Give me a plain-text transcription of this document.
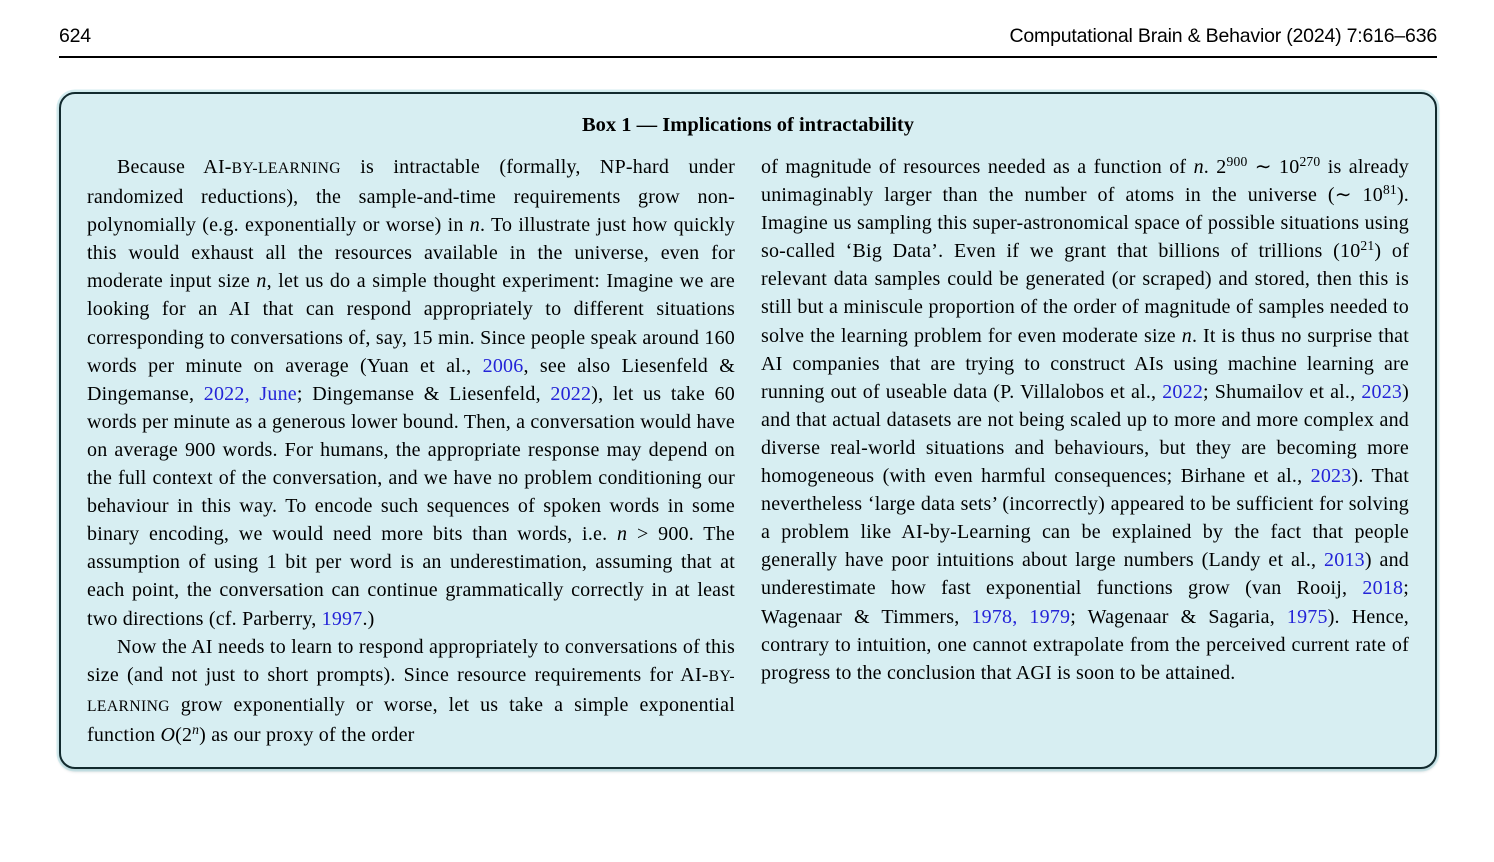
624	Computational Brain & Behavior (2024) 7:616–636
Box 1 — Implications of intractability

Because AI-BY-LEARNING is intractable (formally, NP-hard under randomized reductions), the sample-and-time requirements grow non-polynomially (e.g. exponentially or worse) in n. To illustrate just how quickly this would exhaust all the resources available in the universe, even for moderate input size n, let us do a simple thought experiment: Imagine we are looking for an AI that can respond appropriately to different situations corresponding to conversations of, say, 15 min. Since people speak around 160 words per minute on average (Yuan et al., 2006, see also Liesenfeld & Dingemanse, 2022, June; Dingemanse & Liesenfeld, 2022), let us take 60 words per minute as a generous lower bound. Then, a conversation would have on average 900 words. For humans, the appropriate response may depend on the full context of the conversation, and we have no problem conditioning our behaviour in this way. To encode such sequences of spoken words in some binary encoding, we would need more bits than words, i.e. n > 900. The assumption of using 1 bit per word is an underestimation, assuming that at each point, the conversation can continue grammatically correctly in at least two directions (cf. Parberry, 1997.)

Now the AI needs to learn to respond appropriately to conversations of this size (and not just to short prompts). Since resource requirements for AI-BY-LEARNING grow exponentially or worse, let us take a simple exponential function O(2$^n$) as our proxy of the order

of magnitude of resources needed as a function of n. $2^{900}$ ∼ $10^{270}$ is already unimaginably larger than the number of atoms in the universe (∼ $10^{81}$). Imagine us sampling this super-astronomical space of possible situations using so-called ‘Big Data’. Even if we grant that billions of trillions $(10^{21})$ of relevant data samples could be generated (or scraped) and stored, then this is still but a miniscule proportion of the order of magnitude of samples needed to solve the learning problem for even moderate size n. It is thus no surprise that AI companies that are trying to construct AIs using machine learning are running out of useable data (P. Villalobos et al., 2022; Shumailov et al., 2023) and that actual datasets are not being scaled up to more and more complex and diverse real-world situations and behaviours, but they are becoming more homogeneous (with even harmful consequences; Birhane et al., 2023). That nevertheless ‘large data sets’ (incorrectly) appeared to be sufficient for solving a problem like AI-by-Learning can be explained by the fact that people generally have poor intuitions about large numbers (Landy et al., 2013) and underestimate how fast exponential functions grow (van Rooij, 2018; Wagenaar & Timmers, 1978, 1979; Wagenaar & Sagaria, 1975). Hence, contrary to intuition, one cannot extrapolate from the perceived current rate of progress to the conclusion that AGI is soon to be attained.
